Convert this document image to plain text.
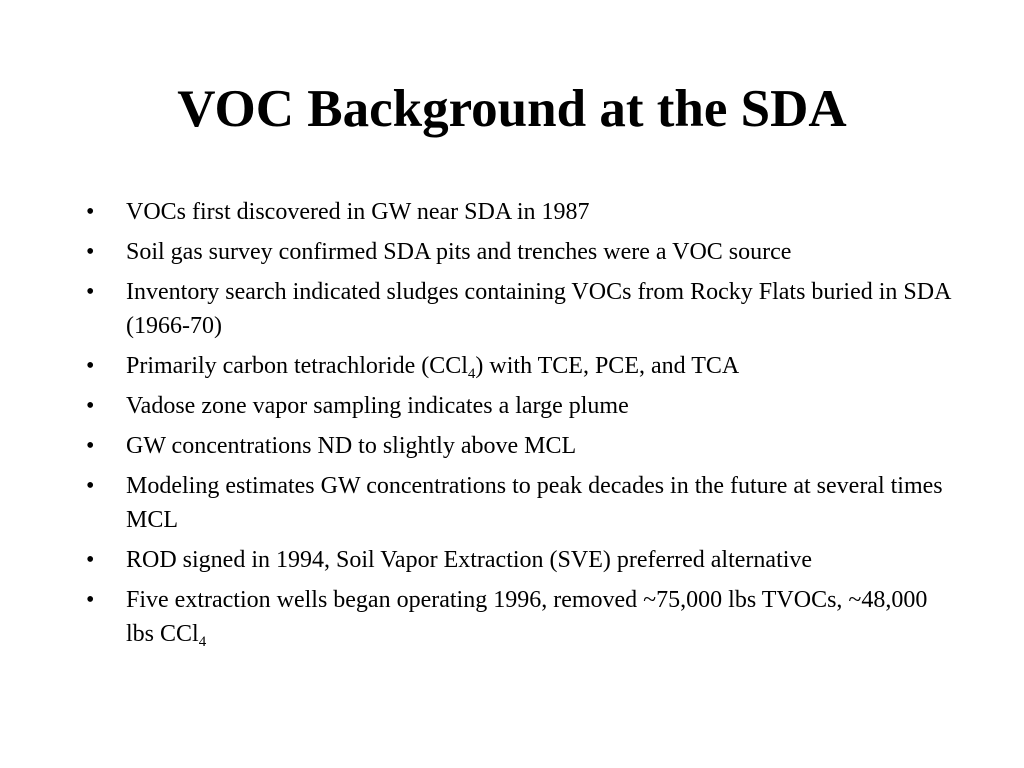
VOC Background at the SDA
• VOCs first discovered in GW near SDA in 1987
• Soil gas survey confirmed SDA pits and trenches were a VOC source
• Inventory search indicated sludges containing VOCs from Rocky Flats buried in SDA (1966-70)
• Primarily carbon tetrachloride (CCl$_4$) with TCE, PCE, and TCA
• Vadose zone vapor sampling indicates a large plume
• GW concentrations ND to slightly above MCL
• Modeling estimates GW concentrations to peak decades in the future at several times MCL
• ROD signed in 1994, Soil Vapor Extraction (SVE) preferred alternative
• Five extraction wells began operating 1996, removed ~75,000 lbs TVOCs, ~48,000 lbs CCl$_4$
